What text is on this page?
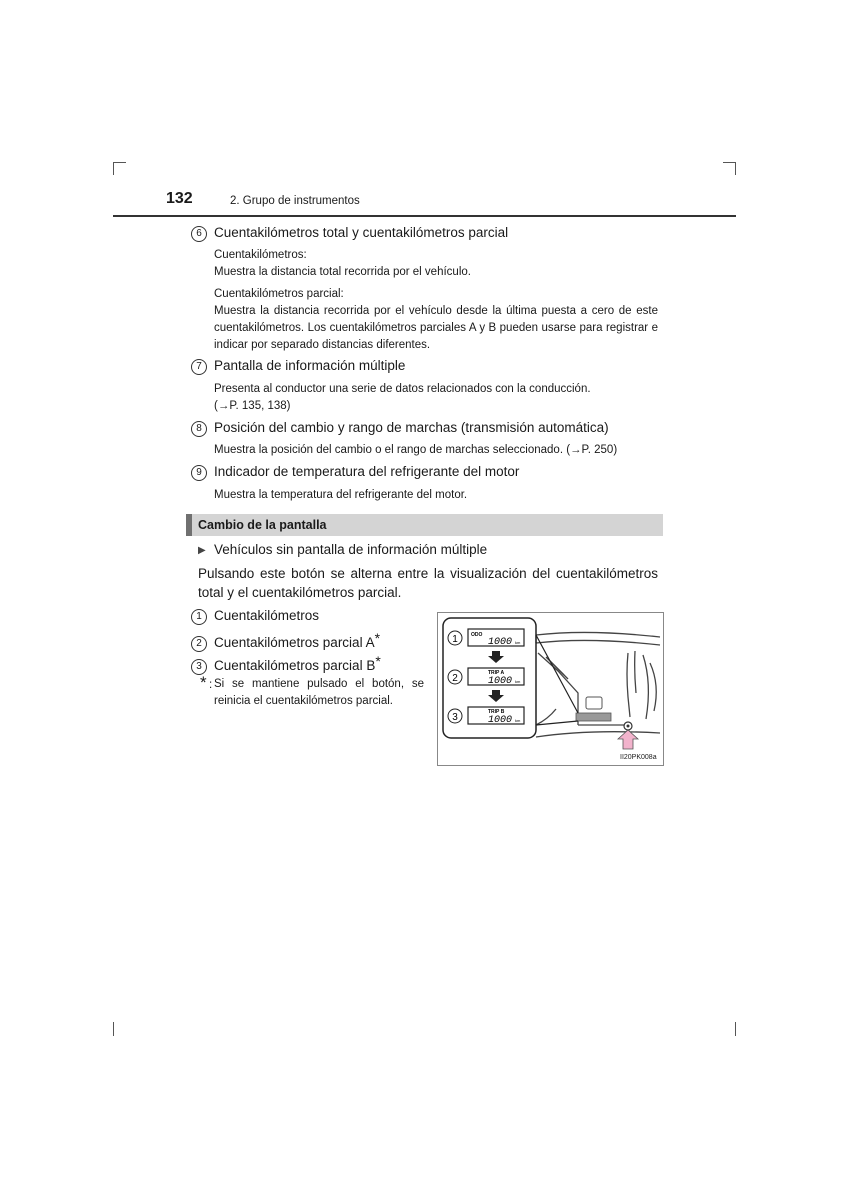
132	2. Grupo de instrumentos
6 Cuentakilómetros total y cuentakilómetros parcial
Cuentakilómetros:
Muestra la distancia total recorrida por el vehículo.
Cuentakilómetros parcial:
Muestra la distancia recorrida por el vehículo desde la última puesta a cero de este cuentakilómetros. Los cuentakilómetros parciales A y B pueden usarse para registrar e indicar por separado distancias diferentes.
7 Pantalla de información múltiple
Presenta al conductor una serie de datos relacionados con la conducción.
(→P. 135, 138)
8 Posición del cambio y rango de marchas (transmisión automática)
Muestra la posición del cambio o el rango de marchas seleccionado. (→P. 250)
9 Indicador de temperatura del refrigerante del motor
Muestra la temperatura del refrigerante del motor.
Cambio de la pantalla
▶ Vehículos sin pantalla de información múltiple
Pulsando este botón se alterna entre la visualización del cuentakilómetros total y el cuentakilómetros parcial.
1 Cuentakilómetros
2 Cuentakilómetros parcial A*
3 Cuentakilómetros parcial B*
* : Si se mantiene pulsado el botón, se reinicia el cuentakilómetros parcial.
1	ODO
1000 km
2	TRIP A
1000 km
3	TRIP B
1000 km
II20PK008a
